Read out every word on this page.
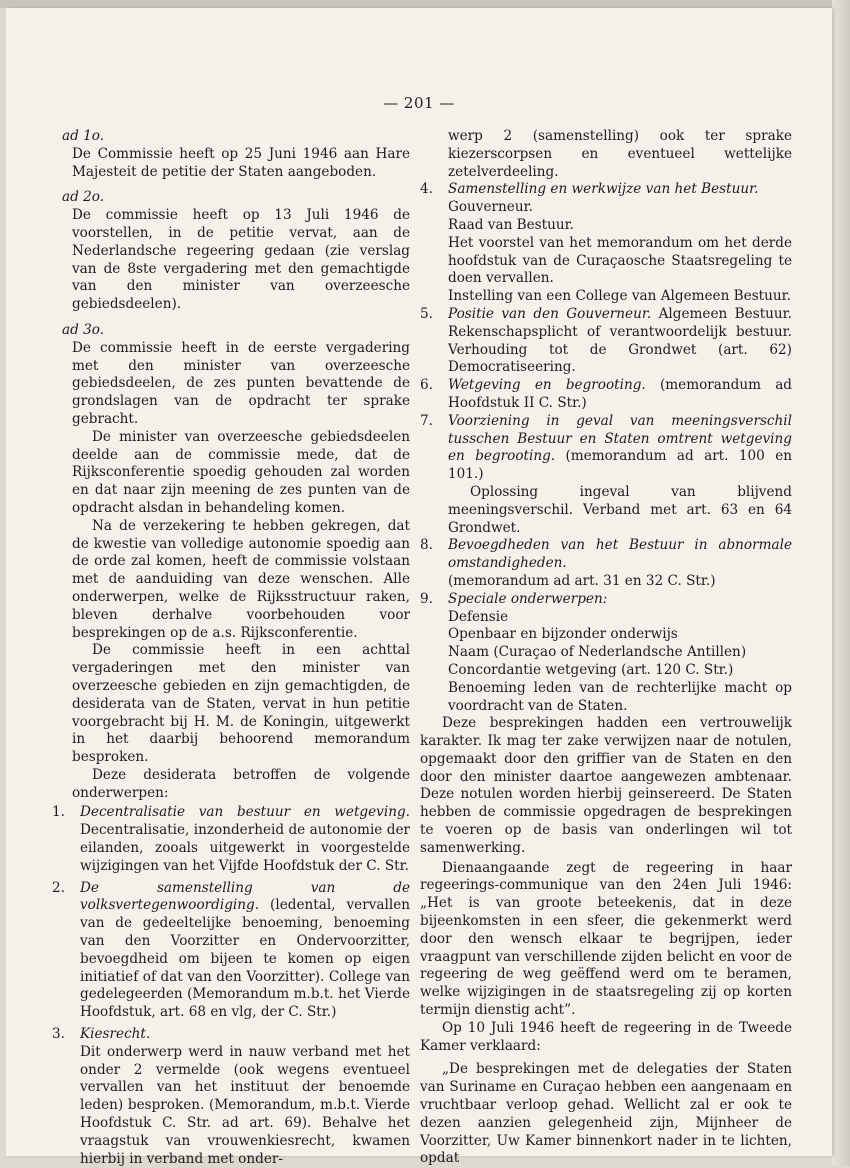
— 201 —

ad 1o.

De Commissie heeft op 25 Juni 1946 aan Hare Majesteit de petitie der Staten aangeboden.

ad 2o.

De commissie heeft op 13 Juli 1946 de voorstellen, in de petitie vervat, aan de Nederlandsche regeering gedaan (zie verslag van de 8ste vergadering met den gemachtigde van den minister van overzeesche gebiedsdeelen).

ad 3o.

De commissie heeft in de eerste vergadering met den minister van overzeesche gebiedsdeelen, de zes punten bevattende de grondslagen van de opdracht ter sprake gebracht.

De minister van overzeesche gebiedsdeelen deelde aan de commissie mede, dat de Rijksconferentie spoedig gehouden zal worden en dat naar zijn meening de zes punten van de opdracht alsdan in behandeling komen.

Na de verzekering te hebben gekregen, dat de kwestie van volledige autonomie spoedig aan de orde zal komen, heeft de commissie volstaan met de aanduiding van deze wenschen. Alle onderwerpen, welke de Rijksstructuur raken, bleven derhalve voorbehouden voor besprekingen op de a.s. Rijksconferentie.

De commissie heeft in een achttal vergaderingen met den minister van overzeesche gebieden en zijn gemachtigden, de desiderata van de Staten, vervat in hun petitie voorgebracht bij H. M. de Koningin, uitgewerkt in het daarbij behoorend memorandum besproken.

Deze desiderata betroffen de volgende onderwerpen:

1. Decentralisatie van bestuur en wetgeving. Decentralisatie, inzonderheid de autonomie der eilanden, zooals uitgewerkt in voorgestelde wijzigingen van het Vijfde Hoofdstuk der C. Str.
2. De samenstelling van de volksvertegenwoordiging. (ledental, vervallen van de gedeeltelijke benoeming, benoeming van den Voorzitter en Ondervoorzitter, bevoegdheid om bijeen te komen op eigen initiatief of dat van den Voorzitter). College van gedelegeerden (Memorandum m.b.t. het Vierde Hoofdstuk, art. 68 en vlg, der C. Str.)
3. Kiesrecht.
Dit onderwerp werd in nauw verband met het onder 2 vermelde (ook wegens eventueel vervallen van het instituut der benoemde leden) besproken. (Memorandum, m.b.t. Vierde Hoofdstuk C. Str. ad art. 69). Behalve het vraagstuk van vrouwenkiesrecht, kwamen hierbij in verband met onder-

werp 2 (samenstelling) ook ter sprake kiezerscorpsen en eventueel wettelijke zetelverdeeling.

4. Samenstelling en werkwijze van het Bestuur.
Gouverneur.
Raad van Bestuur.
Het voorstel van het memorandum om het derde hoofdstuk van de Curaçaosche Staatsregeling te doen vervallen.
Instelling van een College van Algemeen Bestuur.
5. Positie van den Gouverneur. Algemeen Bestuur. Rekenschapsplicht of verantwoordelijk bestuur. Verhouding tot de Grondwet (art. 62) Democratiseering.
6. Wetgeving en begrooting. (memorandum ad Hoofdstuk II C. Str.)
7. Voorziening in geval van meeningsverschil tusschen Bestuur en Staten omtrent wetgeving en begrooting. (memorandum ad art. 100 en 101.)
Oplossing ingeval van blijvend meeningsverschil. Verband met art. 63 en 64 Grondwet.
8. Bevoegdheden van het Bestuur in abnormale omstandigheden.
(memorandum ad art. 31 en 32 C. Str.)
9. Speciale onderwerpen:
Defensie
Openbaar en bijzonder onderwijs
Naam (Curaçao of Nederlandsche Antillen)
Concordantie wetgeving (art. 120 C. Str.)
Benoeming leden van de rechterlijke macht op voordracht van de Staten.

Deze besprekingen hadden een vertrouwelijk karakter. Ik mag ter zake verwijzen naar de notulen, opgemaakt door den griffier van de Staten en den door den minister daartoe aangewezen ambtenaar. Deze notulen worden hierbij geinsereerd. De Staten hebben de commissie opgedragen de besprekingen te voeren op de basis van onderlingen wil tot samenwerking.

Dienaangaande zegt de regeering in haar regeerings-communique van den 24en Juli 1946: „Het is van groote beteekenis, dat in deze bijeenkomsten in een sfeer, die gekenmerkt werd door den wensch elkaar te begrijpen, ieder vraagpunt van verschillende zijden belicht en voor de regeering de weg geëffend werd om te beramen, welke wijzigingen in de staatsregeling zij op korten termijn dienstig acht”.

Op 10 Juli 1946 heeft de regeering in de Tweede Kamer verklaard:

„De besprekingen met de delegaties der Staten van Suriname en Curaçao hebben een aangenaam en vruchtbaar verloop gehad. Wellicht zal er ook te dezen aanzien gelegenheid zijn, Mijnheer de Voorzitter, Uw Kamer binnenkort nader in te lichten, opdat
